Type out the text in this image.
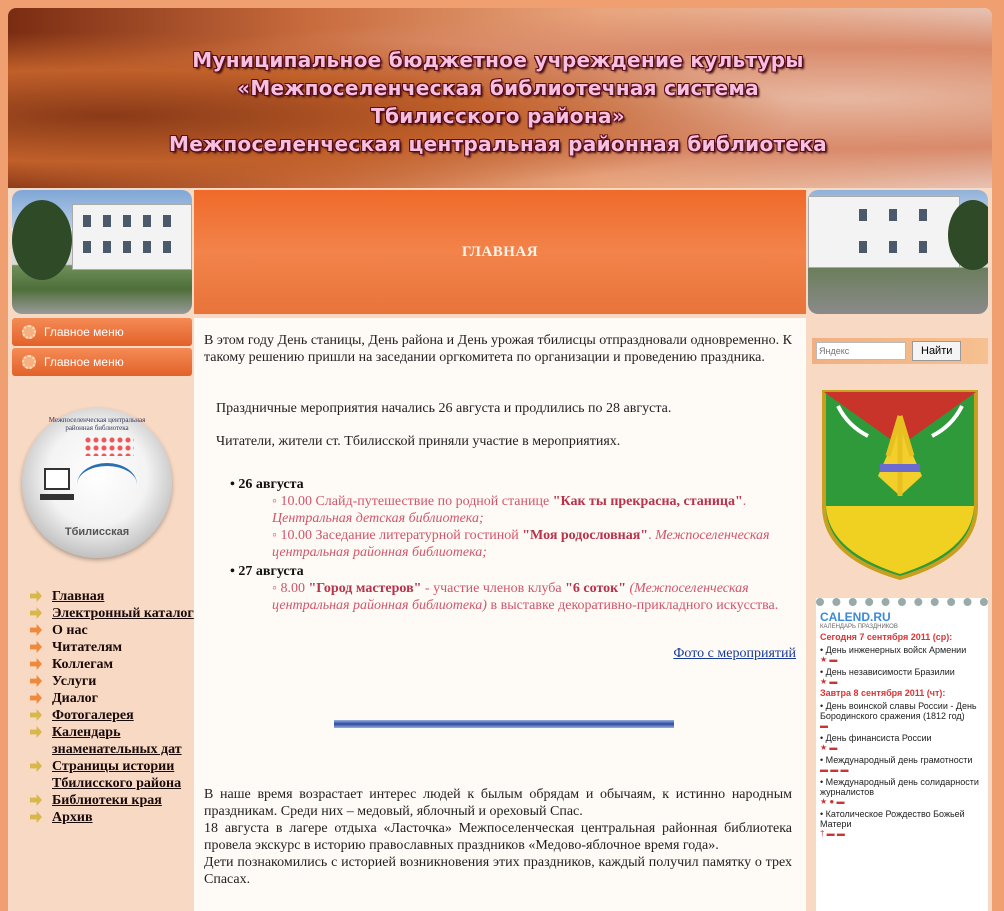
Муниципальное бюджетное учреждение культуры
«Межпоселенческая библиотечная система
Тбилисского района»
Межпоселенческая центральная районная библиотека
ГЛАВНАЯ
Главное меню
Главное меню
Межпоселенческая центральная районная библиотека
Тбилисская
Главная
Электронный каталог
О нас
Читателям
Коллегам
Услуги
Диалог
Фотогалерея
Календарь знаменательных дат
Страницы истории Тбилисского района
Библиотеки края
Архив

В этом году День станицы, День района и День урожая тбилисцы отпраздновали одновременно. К такому решению пришли на заседании оргкомитета по организации и проведению праздника.

Праздничные мероприятия начались 26 августа и продлились по 28 августа.

Читатели, жители ст. Тбилисской приняли участие в мероприятиях.

• 26 августа
◦ 10.00 Слайд-путешествие по родной станице "Как ты прекрасна, станица". Центральная детская библиотека;
◦ 10.00 Заседание литературной гостиной "Моя родословная". Межпоселенческая центральная районная библиотека;
• 27 августа
◦ 8.00 "Город мастеров" - участие членов клуба "6 соток" (Межпоселенческая центральная районная библиотека) в выставке декоративно-прикладного искусства.
Фото с мероприятий

В наше время возрастает интерес людей к былым обрядам и обычаям, к истинно народным праздникам. Среди них – медовый, яблочный и ореховый Спас.

18 августа в лагере отдыха «Ласточка» Межпоселенческая центральная районная библиотека провела экскурс в историю православных праздников «Медово-яблочное время года».

Дети познакомились с историей возникновения этих праздников, каждый получил памятку о трех Спасах.

Яндекс
Найти
CALEND.RU
КАЛЕНДАРЬ ПРАЗДНИКОВ
Сегодня 7 сентября 2011 (ср):
• День инженерных войск Армении
★ ▬
• День независимости Бразилии
★ ▬
Завтра 8 сентября 2011 (чт):
• День воинской славы России - День Бородинского сражения (1812 год)
▬
• День финансиста России
★ ▬
• Международный день грамотности
▬ ▬ ▬
• Международный день солидарности журналистов
★ ● ▬
• Католическое Рождество Божьей Матери
† ▬ ▬
